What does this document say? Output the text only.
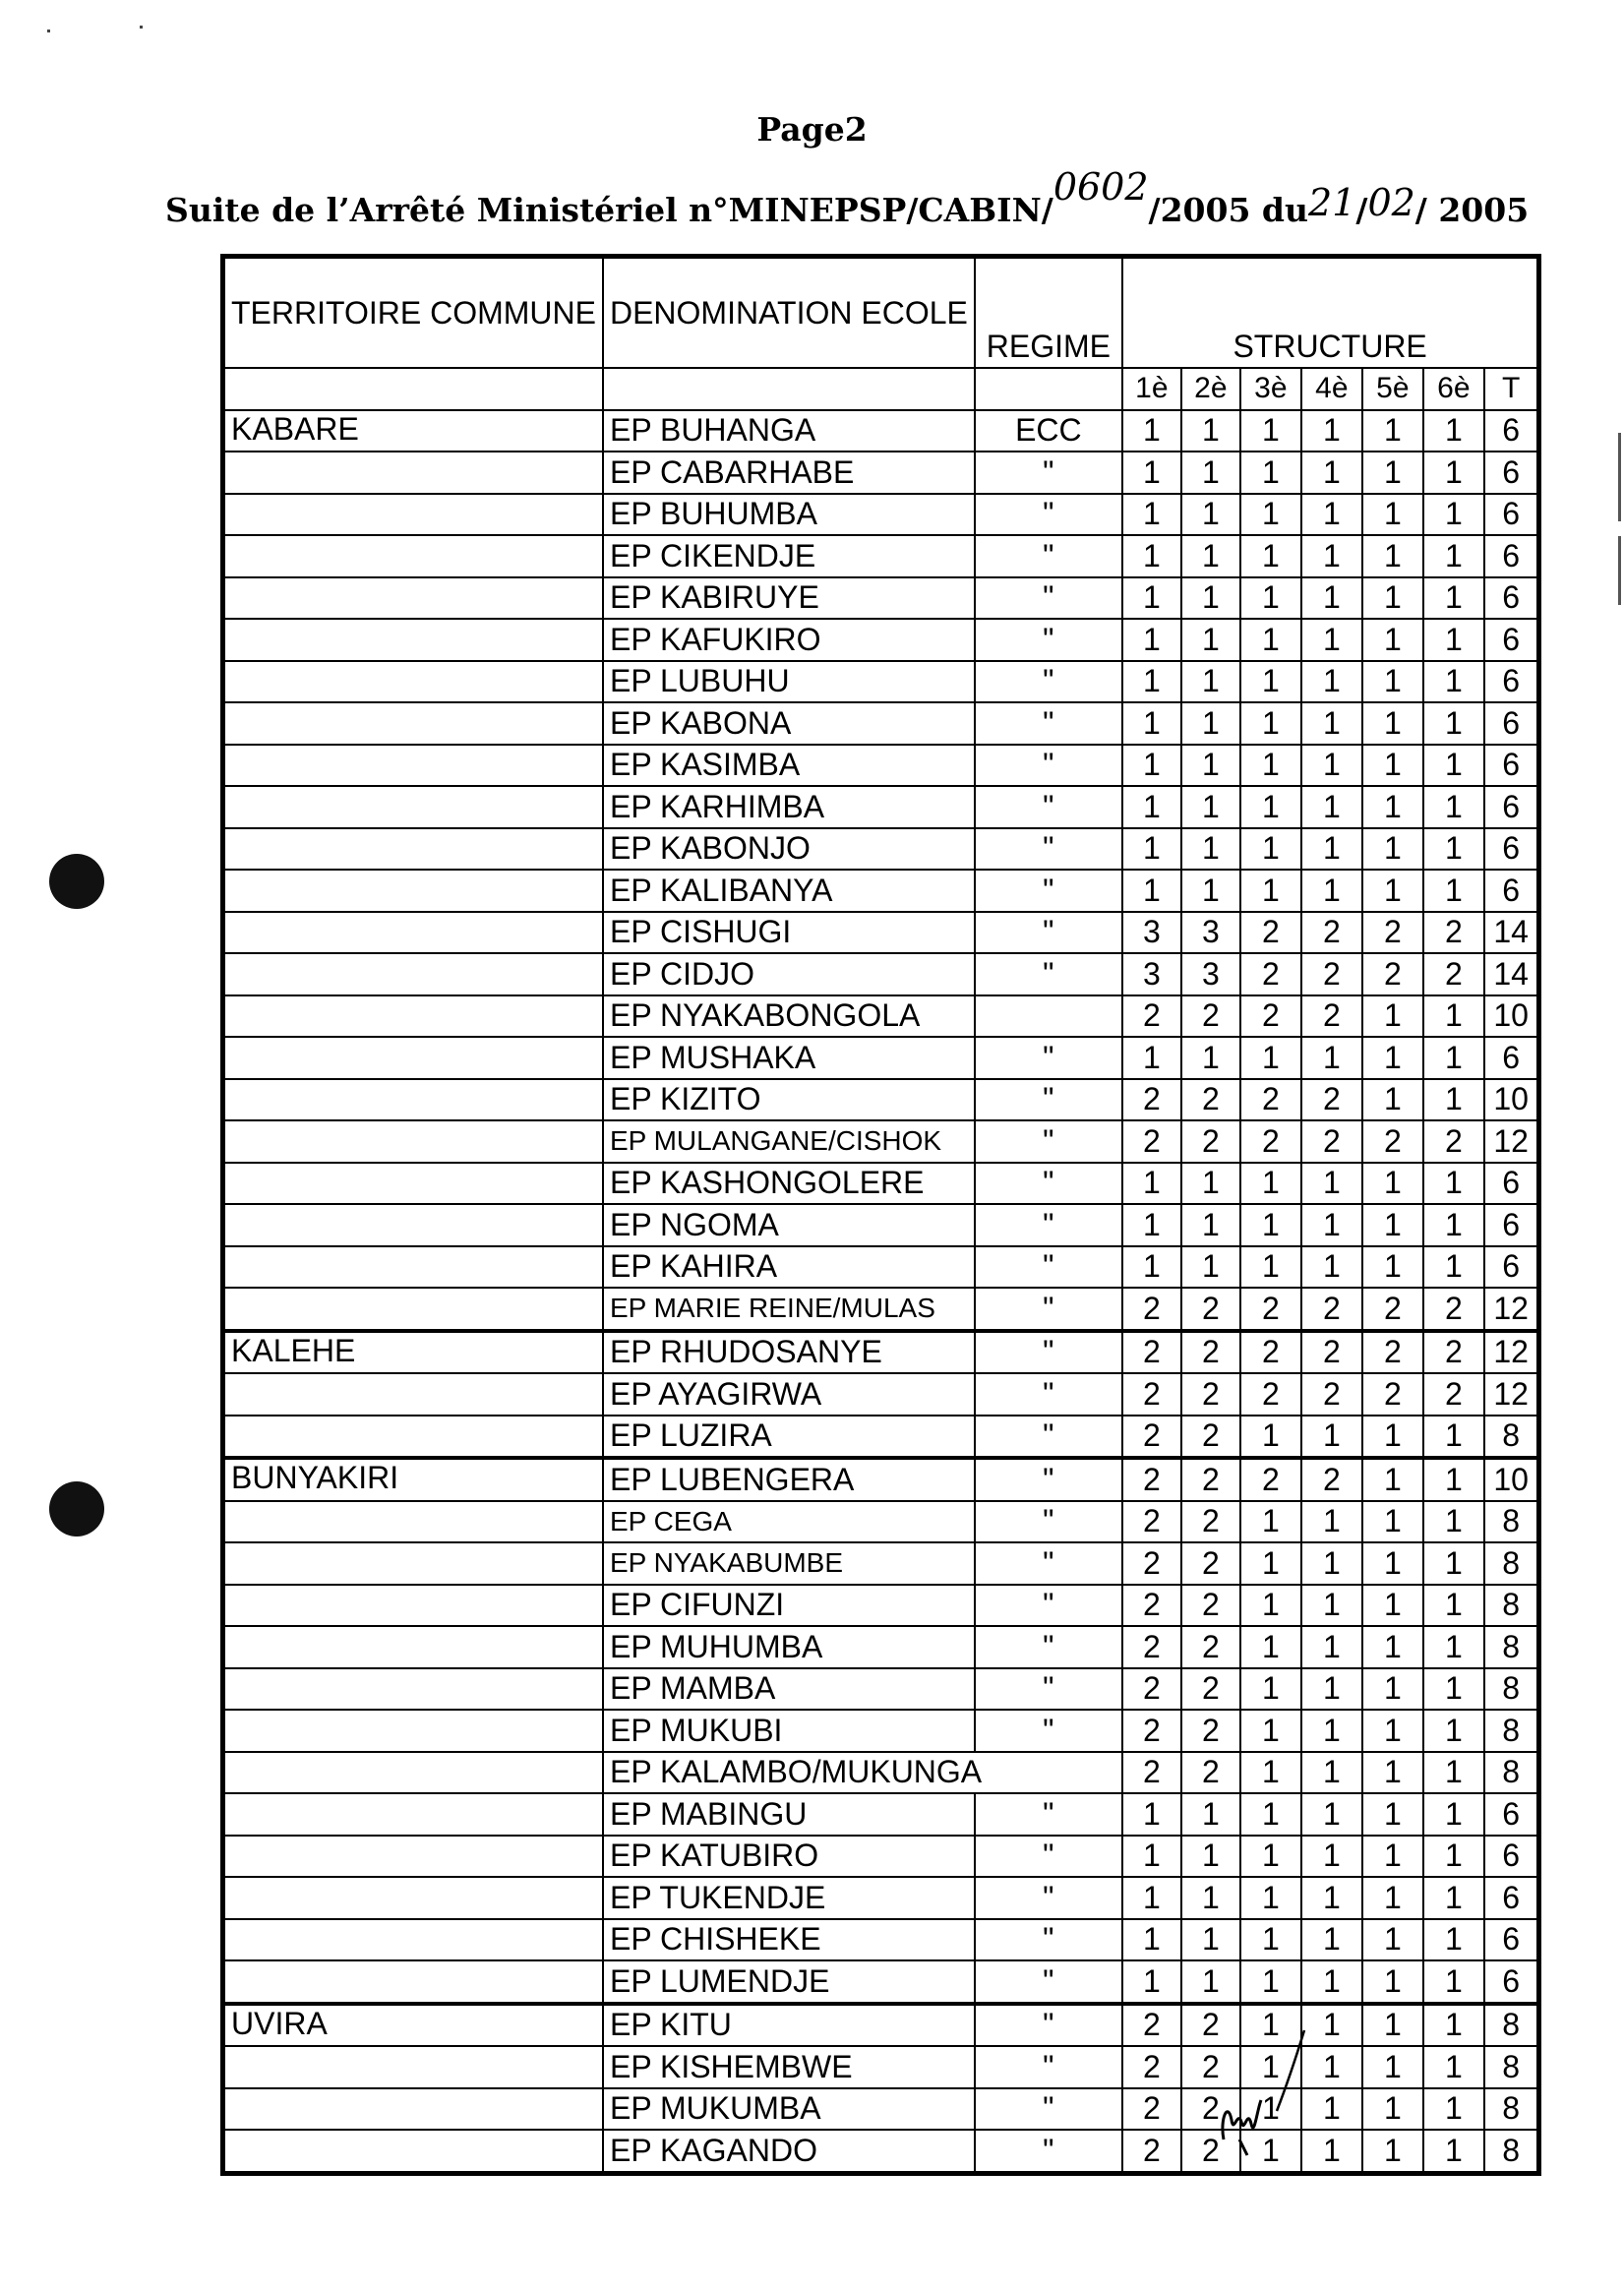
Page2
Suite de l’Arrêté Ministériel n°MINEPSP/CABIN/0602/2005 du21/02/ 2005
TERRITOIRE COMMUNE	DENOMINATION ECOLE	REGIME	STRUCTURE						
			1è	2è	3è	4è	5è	6è	T
KABARE	EP BUHANGA	ECC	1	1	1	1	1	1	6
	EP CABARHABE	"	1	1	1	1	1	1	6
	EP BUHUMBA	"	1	1	1	1	1	1	6
	EP CIKENDJE	"	1	1	1	1	1	1	6
	EP KABIRUYE	"	1	1	1	1	1	1	6
	EP KAFUKIRO	"	1	1	1	1	1	1	6
	EP LUBUHU	"	1	1	1	1	1	1	6
	EP KABONA	"	1	1	1	1	1	1	6
	EP KASIMBA	"	1	1	1	1	1	1	6
	EP KARHIMBA	"	1	1	1	1	1	1	6
	EP KABONJO	"	1	1	1	1	1	1	6
	EP KALIBANYA	"	1	1	1	1	1	1	6
	EP CISHUGI	"	3	3	2	2	2	2	14
	EP CIDJO	"	3	3	2	2	2	2	14
	EP NYAKABONGOLA		2	2	2	2	1	1	10
	EP MUSHAKA	"	1	1	1	1	1	1	6
	EP KIZITO	"	2	2	2	2	1	1	10
	EP MULANGANE/CISHOK	"	2	2	2	2	2	2	12
	EP KASHONGOLERE	"	1	1	1	1	1	1	6
	EP NGOMA	"	1	1	1	1	1	1	6
	EP KAHIRA	"	1	1	1	1	1	1	6
	EP MARIE REINE/MULAS	"	2	2	2	2	2	2	12
KALEHE	EP RHUDOSANYE	"	2	2	2	2	2	2	12
	EP AYAGIRWA	"	2	2	2	2	2	2	12
	EP LUZIRA	"	2	2	1	1	1	1	8
BUNYAKIRI	EP LUBENGERA	"	2	2	2	2	1	1	10
	EP CEGA	"	2	2	1	1	1	1	8
	EP NYAKABUMBE	"	2	2	1	1	1	1	8
	EP CIFUNZI	"	2	2	1	1	1	1	8
	EP MUHUMBA	"	2	2	1	1	1	1	8
	EP MAMBA	"	2	2	1	1	1	1	8
	EP MUKUBI	"	2	2	1	1	1	1	8
	EP KALAMBO/MUKUNGA		2	2	1	1	1	1	8
	EP MABINGU	"	1	1	1	1	1	1	6
	EP KATUBIRO	"	1	1	1	1	1	1	6
	EP TUKENDJE	"	1	1	1	1	1	1	6
	EP CHISHEKE	"	1	1	1	1	1	1	6
	EP LUMENDJE	"	1	1	1	1	1	1	6
UVIRA	EP KITU	"	2	2	1	1	1	1	8
	EP KISHEMBWE	"	2	2	1	1	1	1	8
	EP MUKUMBA	"	2	2	1	1	1	1	8
	EP KAGANDO	"	2	2	1	1	1	1	8
